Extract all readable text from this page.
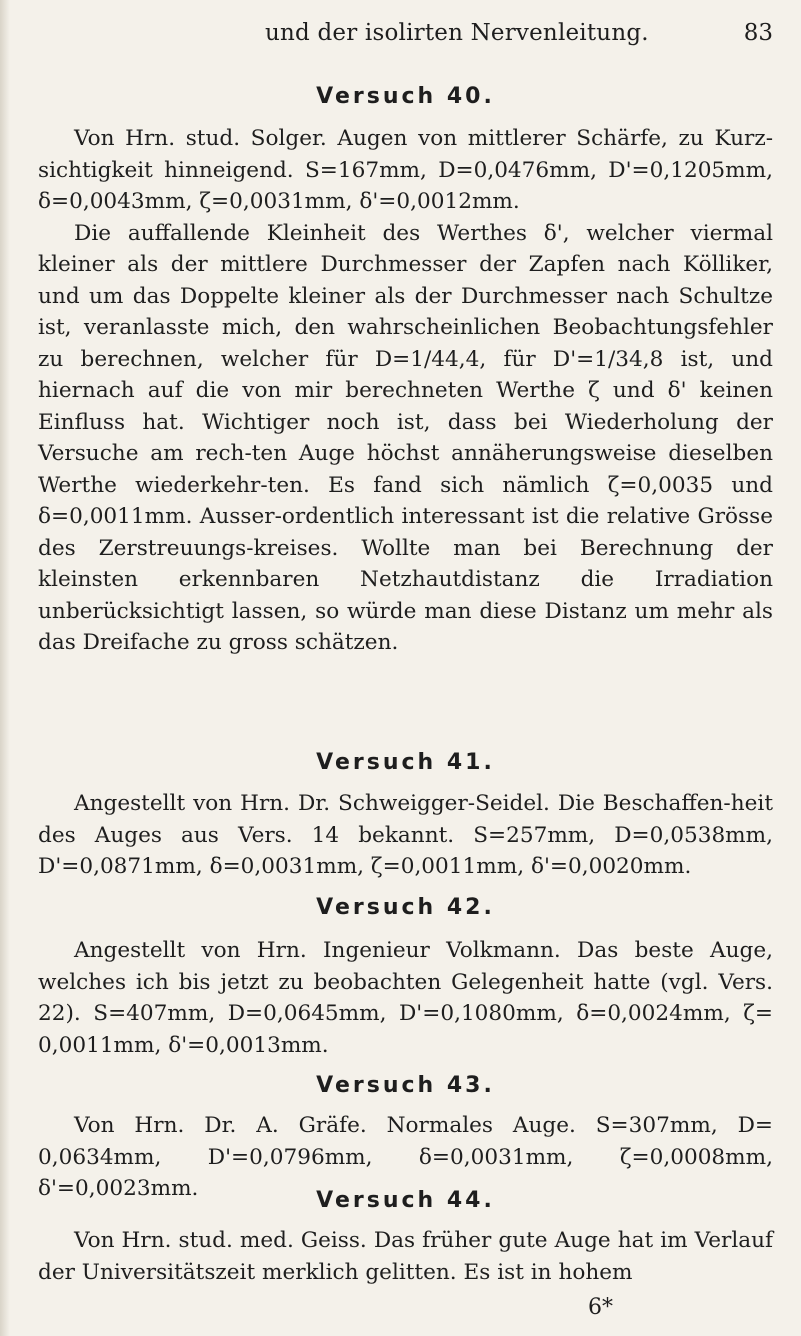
und der isolirten Nervenleitung.	83
Versuch 40.

Von Hrn. stud. Solger. Augen von mittlerer Schärfe, zu Kurz-sichtigkeit hinneigend. S=167mm, D=0,0476mm, D'=0,1205mm, δ=0,0043mm, ζ=0,0031mm, δ'=0,0012mm.

Die auffallende Kleinheit des Werthes δ', welcher viermal kleiner als der mittlere Durchmesser der Zapfen nach Kölliker, und um das Doppelte kleiner als der Durchmesser nach Schultze ist, veranlasste mich, den wahrscheinlichen Beobachtungsfehler zu berechnen, welcher für D=1/44,4, für D'=1/34,8 ist, und hiernach auf die von mir berechneten Werthe ζ und δ' keinen Einfluss hat. Wichtiger noch ist, dass bei Wiederholung der Versuche am rech-ten Auge höchst annäherungsweise dieselben Werthe wiederkehr-ten. Es fand sich nämlich ζ=0,0035 und δ=0,0011mm. Ausser-ordentlich interessant ist die relative Grösse des Zerstreuungs-kreises. Wollte man bei Berechnung der kleinsten erkennbaren Netzhautdistanz die Irradiation unberücksichtigt lassen, so würde man diese Distanz um mehr als das Dreifache zu gross schätzen.

Versuch 41.

Angestellt von Hrn. Dr. Schweigger-Seidel. Die Beschaffen-heit des Auges aus Vers. 14 bekannt. S=257mm, D=0,0538mm, D'=0,0871mm, δ=0,0031mm, ζ=0,0011mm, δ'=0,0020mm.

Versuch 42.

Angestellt von Hrn. Ingenieur Volkmann. Das beste Auge, welches ich bis jetzt zu beobachten Gelegenheit hatte (vgl. Vers. 22). S=407mm, D=0,0645mm, D'=0,1080mm, δ=0,0024mm, ζ= 0,0011mm, δ'=0,0013mm.

Versuch 43.

Von Hrn. Dr. A. Gräfe. Normales Auge. S=307mm, D= 0,0634mm, D'=0,0796mm, δ=0,0031mm, ζ=0,0008mm, δ'=0,0023mm.	Versuch 44.

Von Hrn. stud. med. Geiss. Das früher gute Auge hat im Verlauf der Universitätszeit merklich gelitten. Es ist in hohem

6*
